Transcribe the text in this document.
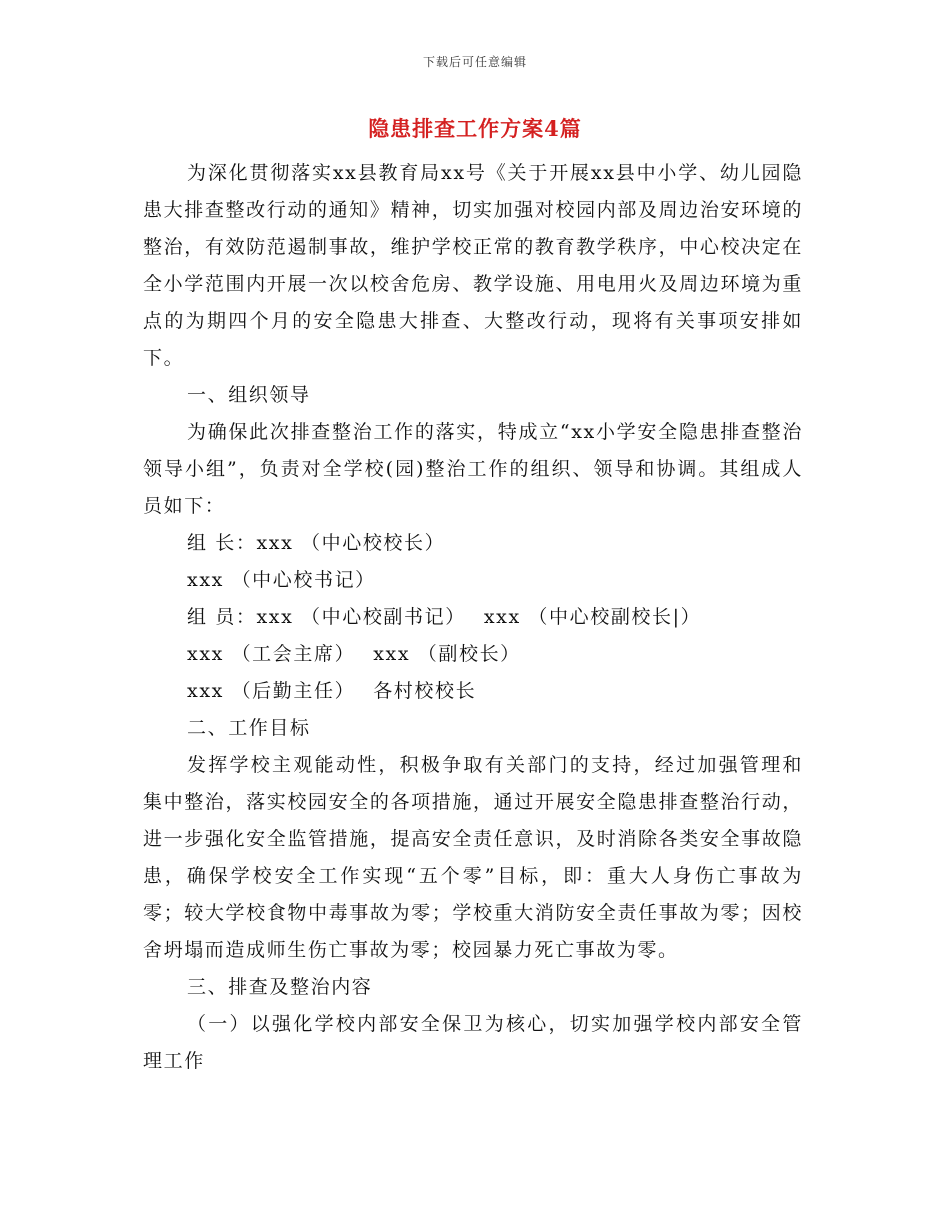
下载后可任意编辑
隐患排查工作方案4篇

为深化贯彻落实xx县教育局xx号《关于开展xx县中小学、幼儿园隐患大排查整改行动的通知》精神，切实加强对校园内部及周边治安环境的整治，有效防范遏制事故，维护学校正常的教育教学秩序，中心校决定在全小学范围内开展一次以校舍危房、教学设施、用电用火及周边环境为重点的为期四个月的安全隐患大排查、大整改行动，现将有关事项安排如下。

一、组织领导

为确保此次排查整治工作的落实，特成立“xx小学安全隐患排查整治领导小组”，负责对全学校(园)整治工作的组织、领导和协调。其组成人员如下：

组 长：xxx （中心校校长）

xxx （中心校书记）

组 员：xxx （中心校副书记） xxx （中心校副校长|）

xxx （工会主席） xxx （副校长）

xxx （后勤主任） 各村校校长

二、工作目标

发挥学校主观能动性，积极争取有关部门的支持，经过加强管理和集中整治，落实校园安全的各项措施，通过开展安全隐患排查整治行动，进一步强化安全监管措施，提高安全责任意识，及时消除各类安全事故隐患，确保学校安全工作实现“五个零”目标，即：重大人身伤亡事故为零；较大学校食物中毒事故为零；学校重大消防安全责任事故为零；因校舍坍塌而造成师生伤亡事故为零；校园暴力死亡事故为零。

三、排查及整治内容

（一）以强化学校内部安全保卫为核心，切实加强学校内部安全管理工作
